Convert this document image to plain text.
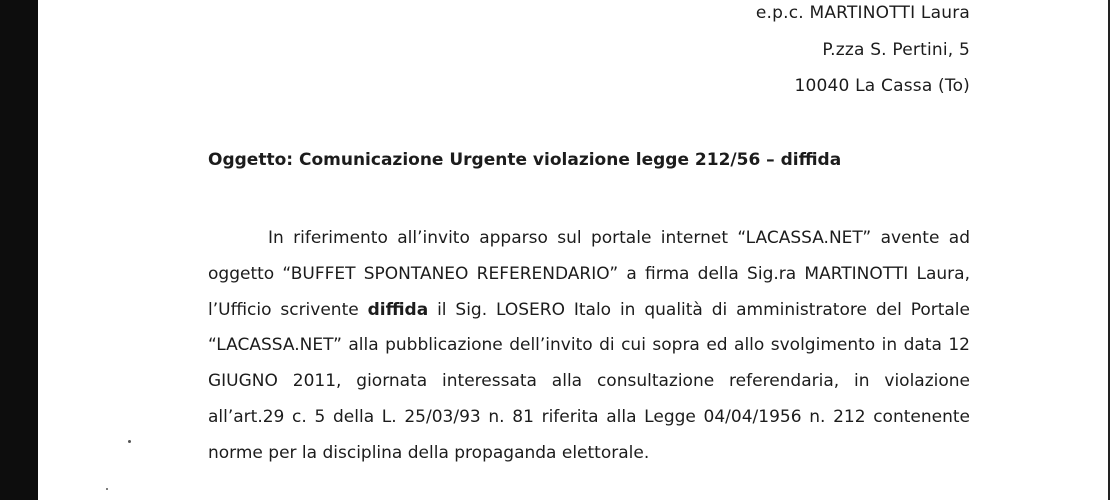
e.p.c. MARTINOTTI Laura
P.zza S. Pertini, 5
10040 La Cassa (To)
Oggetto: Comunicazione Urgente violazione legge 212/56 – diffida
In riferimento all’invito apparso sul portale internet “LACASSA.NET” avente ad oggetto “BUFFET SPONTANEO REFERENDARIO” a firma della Sig.ra MARTINOTTI Laura, l’Ufficio scrivente diffida il Sig. LOSERO Italo in qualità di amministratore del Portale “LACASSA.NET” alla pubblicazione dell’invito di cui sopra ed allo svolgimento in data 12 GIUGNO 2011, giornata interessata alla consultazione referendaria, in violazione all’art.29 c. 5 della L. 25/03/93 n. 81 riferita alla Legge 04/04/1956 n. 212 contenente norme per la disciplina della propaganda elettorale.
